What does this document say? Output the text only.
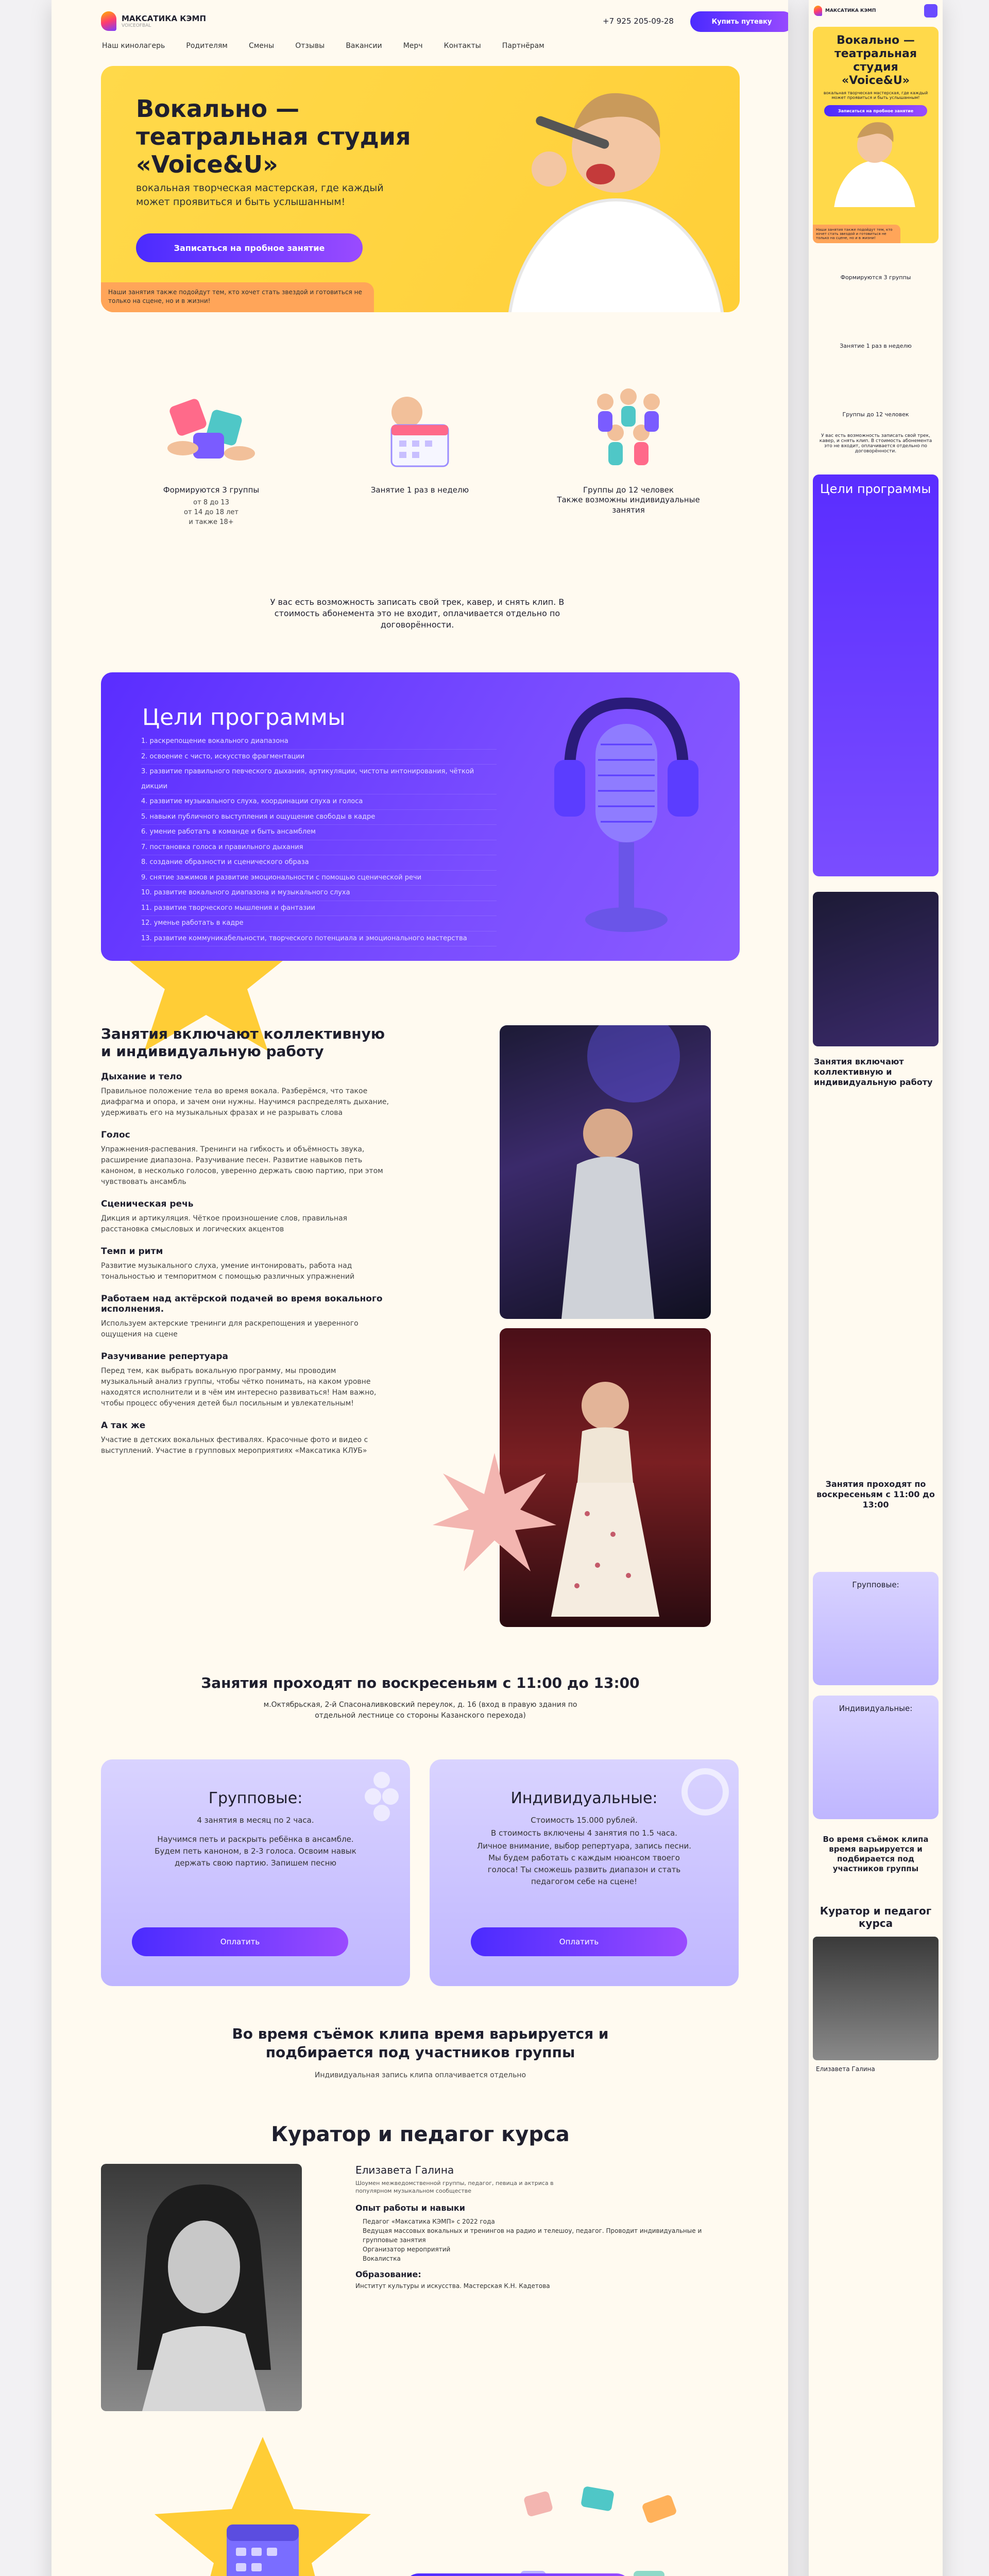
МАКСАТИКА КЭМП
VOICEOFBAL
Наш кинолагерь	Родителям	Смены	Отзывы	Вакансии	Мерч	Контакты	Партнёрам
+7 925 205-09-28	Купить путевку
Вокально — театральная студия «Voice&U»
вокальная творческая мастерская, где каждый может проявиться и быть услышанным!
Записаться на пробное занятие
Наши занятия также подойдут тем, кто хочет стать звездой и готовиться не только на сцене, но и в жизни!
Формируются 3 группы
от 8 до 13
от 14 до 18 лет
и также 18+
Занятие 1 раз в неделю	Группы до 12 человек
Также возможны индивидуальные занятия
У вас есть возможность записать свой трек, кавер, и снять клип. В стоимость абонемента это не входит, оплачивается отдельно по договорённости.
Цели программы
1. раскрепощение вокального диапазона
2. освоение с чисто, искусство фрагментации
3. развитие правильного певческого дыхания, артикуляции, чистоты интонирования, чёткой дикции
4. развитие музыкального слуха, координации слуха и голоса
5. навыки публичного выступления и ощущение свободы в кадре
6. умение работать в команде и быть ансамблем
7. постановка голоса и правильного дыхания
8. создание образности и сценического образа
9. снятие зажимов и развитие эмоциональности с помощью сценической речи
10. развитие вокального диапазона и музыкального слуха
11. развитие творческого мышления и фантазии
12. уменье работать в кадре
13. развитие коммуникабельности, творческого потенциала и эмоционального мастерства
Занятия включают коллективную и индивидуальную работу
Дыхание и тело

Правильное положение тела во время вокала. Разберёмся, что такое диафрагма и опора, и зачем они нужны. Научимся распределять дыхание, удерживать его на музыкальных фразах и не разрывать слова

Голос

Упражнения-распевания. Тренинги на гибкость и объёмность звука, расширение диапазона. Разучивание песен. Развитие навыков петь каноном, в несколько голосов, уверенно держать свою партию, при этом чувствовать ансамбль

Сценическая речь

Дикция и артикуляция. Чёткое произношение слов, правильная расстановка смысловых и логических акцентов

Темп и ритм

Развитие музыкального слуха, умение интонировать, работа над тональностью и темпоритмом с помощью различных упражнений

Работаем над актёрской подачей во время вокального исполнения.

Используем актерские тренинги для раскрепощения и уверенного ощущения на сцене

Разучивание репертуара

Перед тем, как выбрать вокальную программу, мы проводим музыкальный анализ группы, чтобы чётко понимать, на каком уровне находятся исполнители и в чём им интересно развиваться! Нам важно, чтобы процесс обучения детей был посильным и увлекательным!

А так же

Участие в детских вокальных фестивалях. Красочные фото и видео с выступлений. Участие в групповых мероприятиях «Максатика КЛУБ»

Занятия проходят по воскресеньям с 11:00 до 13:00
м.Октябрьская, 2-й Спасоналивковский переулок, д. 16 (вход в правую здания по отдельной лестнице со стороны Казанского перехода)
Групповые:

4 занятия в месяц по 2 часа.

Научимся петь и раскрыть ребёнка в ансамбле. Будем петь каноном, в 2-3 голоса. Освоим навык держать свою партию. Запишем песню

Оплатить
Индивидуальные:

Стоимость 15.000 рублей.

В стоимость включены 4 занятия по 1.5 часа.

Личное внимание, выбор репертуара, запись песни. Мы будем работать с каждым нюансом твоего голоса! Ты сможешь развить диапазон и стать педагогом себе на сцене!

Оплатить
Во время съёмок клипа время варьируется и подбирается под участников группы
Индивидуальная запись клипа оплачивается отдельно
Куратор и педагог курса
Елизавета Галина
Шоумен межведомственной группы, педагог, певица и актриса в популярном музыкальном сообществе
Опыт работы и навыки
Педагог «Максатика КЭМП» с 2022 года
Ведущая массовых вокальных и тренингов на радио и телешоу, педагог. Проводит индивидуальные и групповые занятия
Организатор мероприятий
Вокалистка
Образование:
Институт культуры и искусства. Мастерская К.Н. Кадетова
МАКСАТИКА КЭМП
Вокально — театральная студия «Voice&U»
вокальная творческая мастерская, где каждый может проявиться и быть услышанным!
Записаться на пробное занятие
Наши занятия также подойдут тем, кто хочет стать звездой и готовиться не только на сцене, но и в жизни!
Формируются 3 группы
Занятие 1 раз в неделю
Группы до 12 человек
У вас есть возможность записать свой трек, кавер, и снять клип. В стоимость абонемента это не входит, оплачивается отдельно по договорённости.
Цели программы
Занятия включают коллективную и индивидуальную работу
Занятия проходят по воскресеньям с 11:00 до 13:00
Групповые:
Индивидуальные:
Во время съёмок клипа время варьируется и подбирается под участников группы
Куратор и педагог курса
Елизавета Галина
